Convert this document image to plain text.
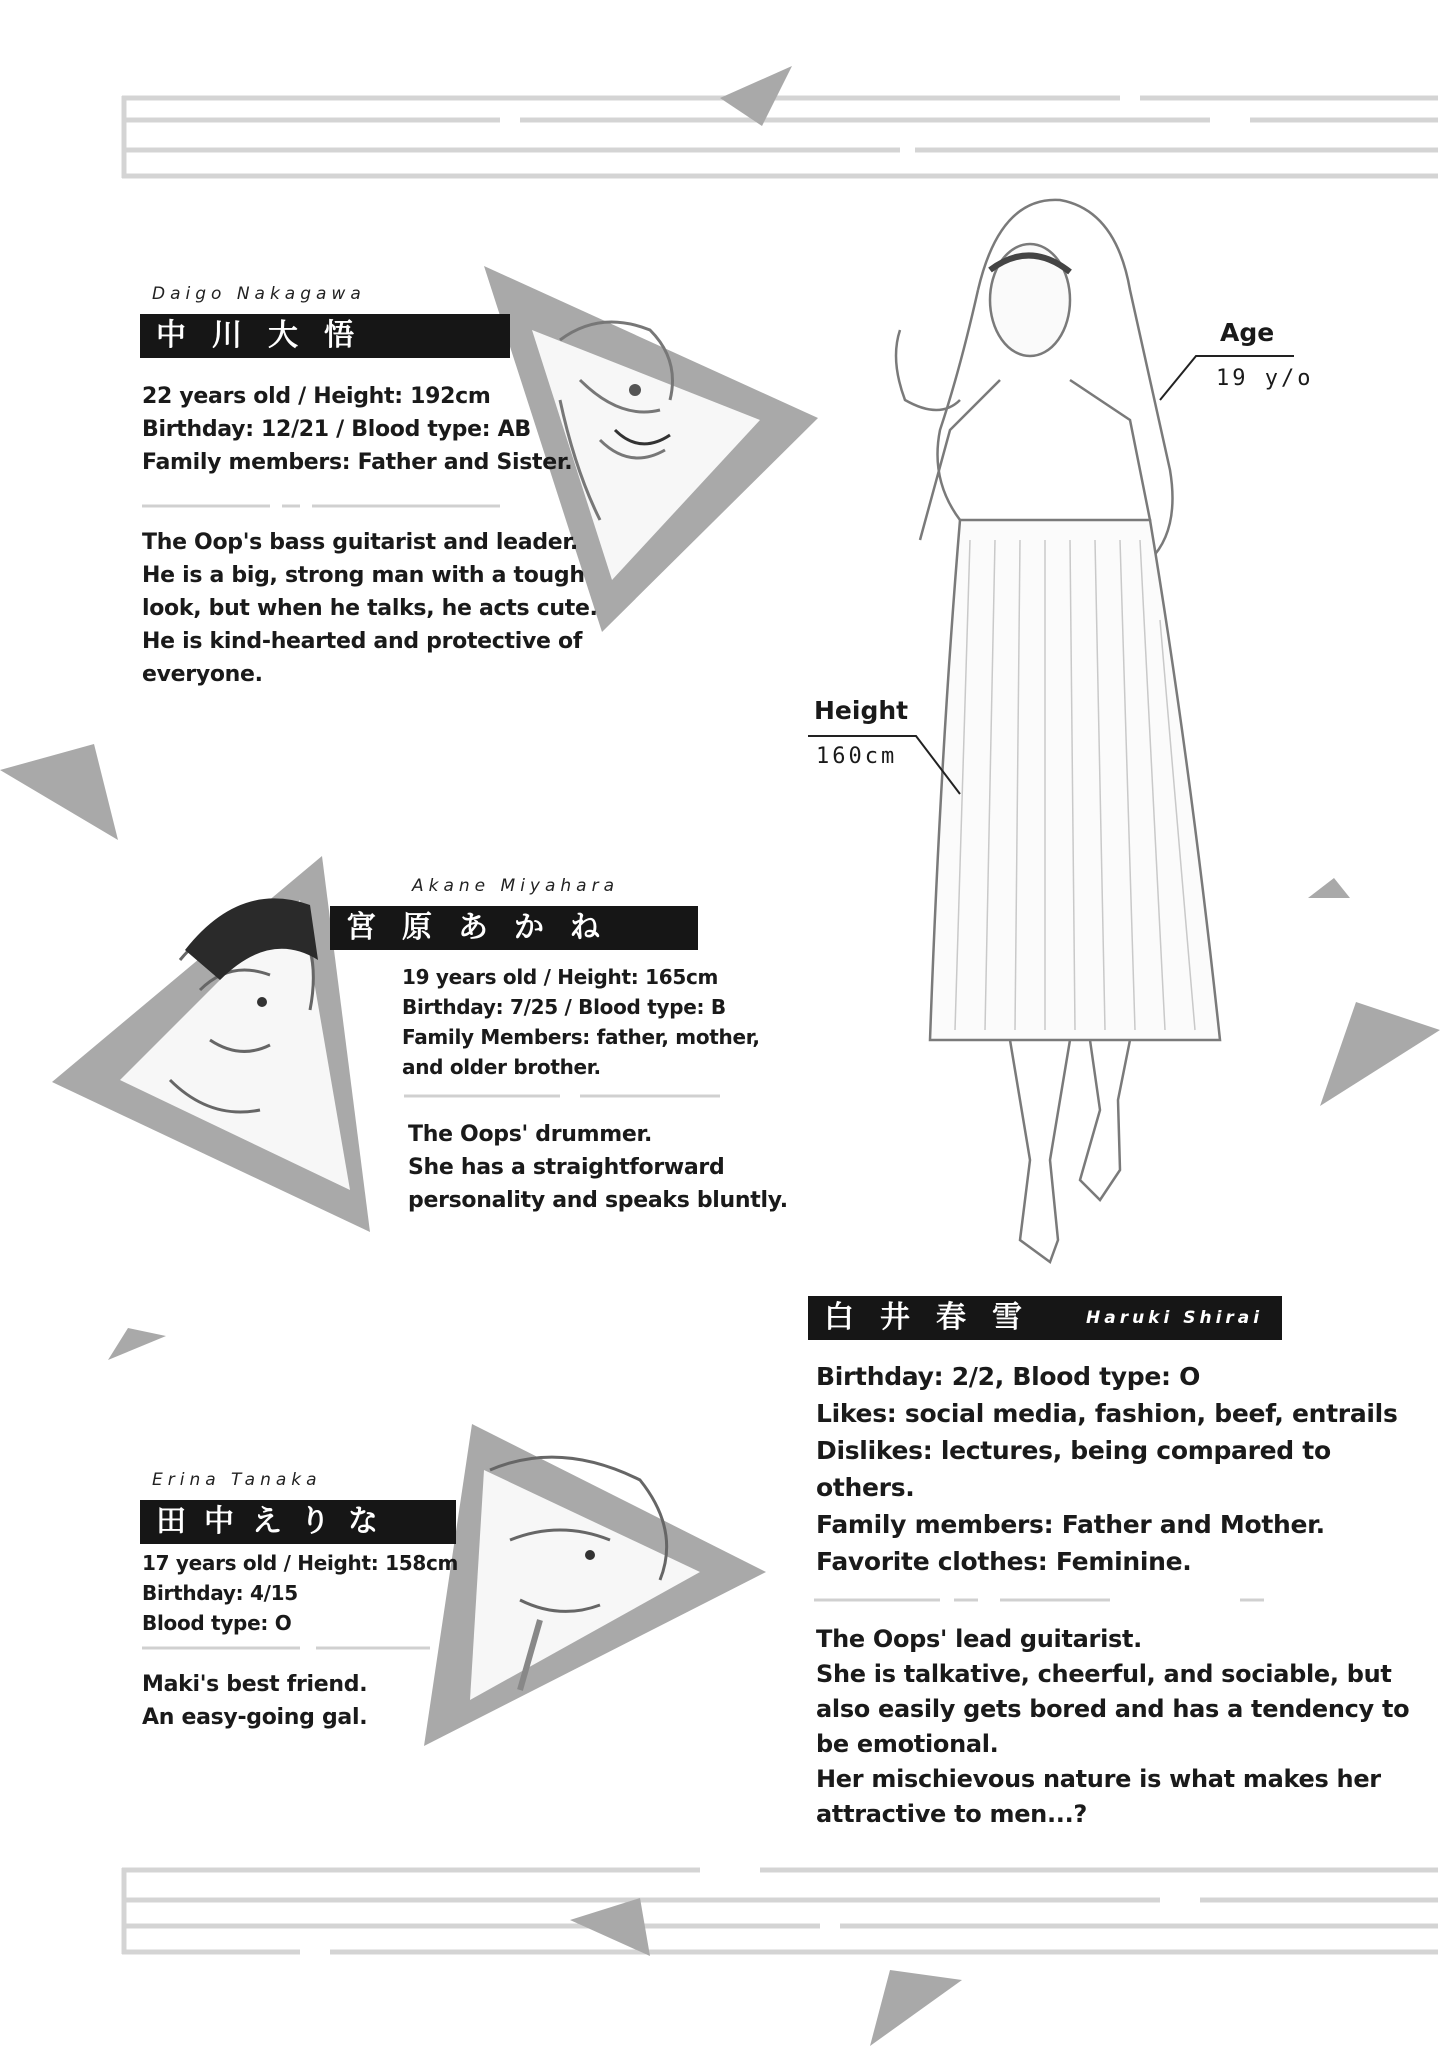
Daigo Nakagawa
中川大悟
22 years old / Height: 192cm
Birthday: 12/21 / Blood type: AB
Family members: Father and Sister.
The Oop's bass guitarist and leader.
He is a big, strong man with a tough
look, but when he talks, he acts cute.
He is kind-hearted and protective of
everyone.
Akane Miyahara
宮原あかね
19 years old / Height: 165cm
Birthday: 7/25 / Blood type: B
Family Members: father, mother,
and older brother.
The Oops' drummer.
She has a straightforward
personality and speaks bluntly.
Erina Tanaka
田中えりな
17 years old / Height: 158cm
Birthday: 4/15
Blood type: O
Maki's best friend.
An easy-going gal.
Age
19 y/o
Height
160cm
白井春雪	Haruki Shirai
Birthday: 2/2, Blood type: O
Likes: social media, fashion, beef, entrails
Dislikes: lectures, being compared to
others.
Family members: Father and Mother.
Favorite clothes: Feminine.
The Oops' lead guitarist.
She is talkative, cheerful, and sociable, but
also easily gets bored and has a tendency to
be emotional.
Her mischievous nature is what makes her
attractive to men...?
